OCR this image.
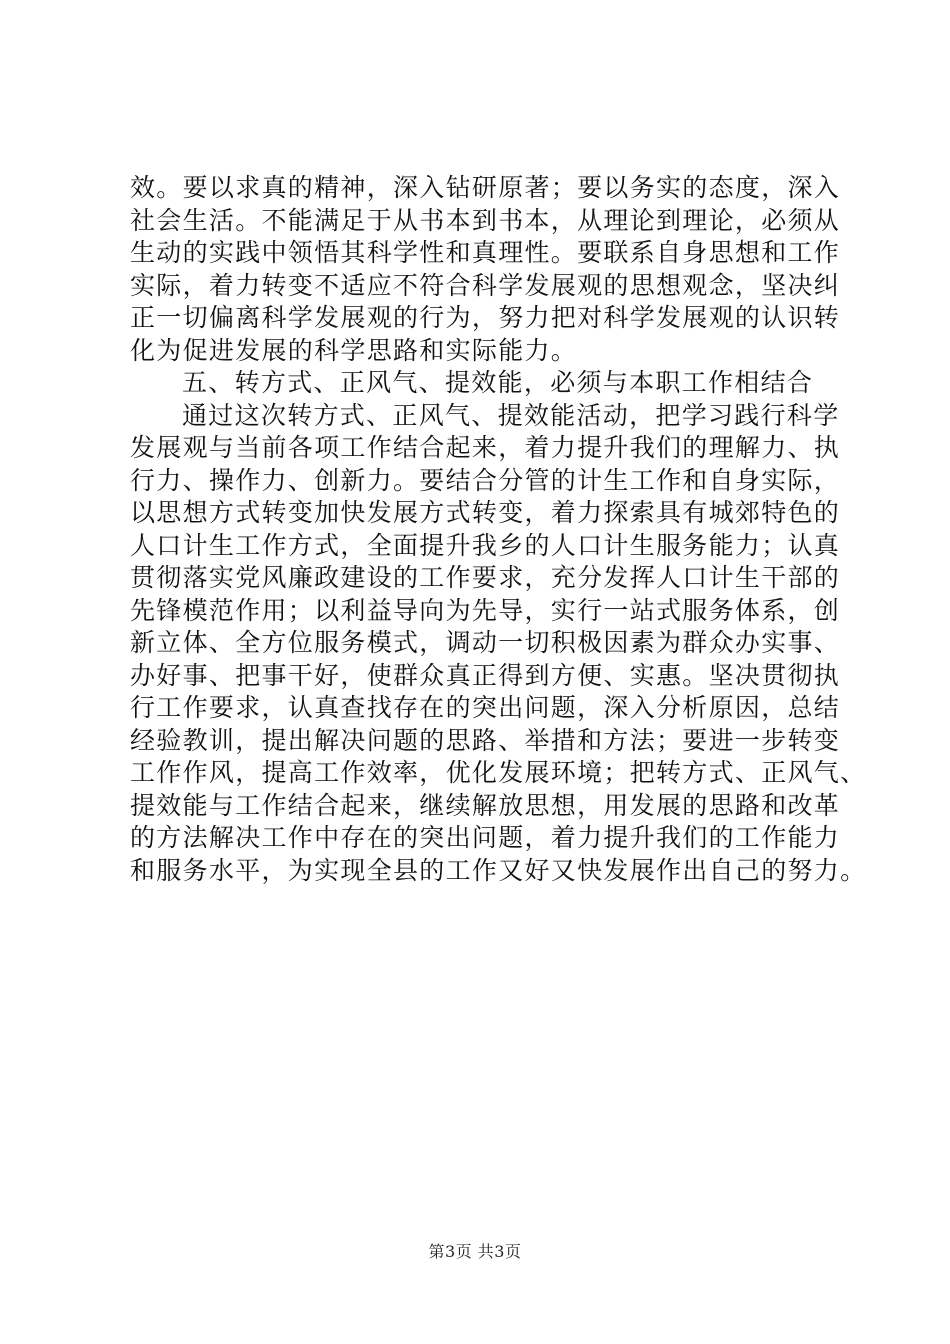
效。要以求真的精神，深入钻研原著；要以务实的态度，深入
社会生活。不能满足于从书本到书本，从理论到理论，必须从
生动的实践中领悟其科学性和真理性。要联系自身思想和工作
实际，着力转变不适应不符合科学发展观的思想观念，坚决纠
正一切偏离科学发展观的行为，努力把对科学发展观的认识转
化为促进发展的科学思路和实际能力。
五、转方式、正风气、提效能，必须与本职工作相结合
通过这次转方式、正风气、提效能活动，把学习践行科学
发展观与当前各项工作结合起来，着力提升我们的理解力、执
行力、操作力、创新力。要结合分管的计生工作和自身实际，
以思想方式转变加快发展方式转变，着力探索具有城郊特色的
人口计生工作方式，全面提升我乡的人口计生服务能力；认真
贯彻落实党风廉政建设的工作要求，充分发挥人口计生干部的
先锋模范作用；以利益导向为先导，实行一站式服务体系，创
新立体、全方位服务模式，调动一切积极因素为群众办实事、
办好事、把事干好，使群众真正得到方便、实惠。坚决贯彻执
行工作要求，认真查找存在的突出问题，深入分析原因，总结
经验教训，提出解决问题的思路、举措和方法；要进一步转变
工作作风，提高工作效率，优化发展环境；把转方式、正风气、
提效能与工作结合起来，继续解放思想，用发展的思路和改革
的方法解决工作中存在的突出问题，着力提升我们的工作能力
和服务水平，为实现全县的工作又好又快发展作出自己的努力。
第3页 共3页
